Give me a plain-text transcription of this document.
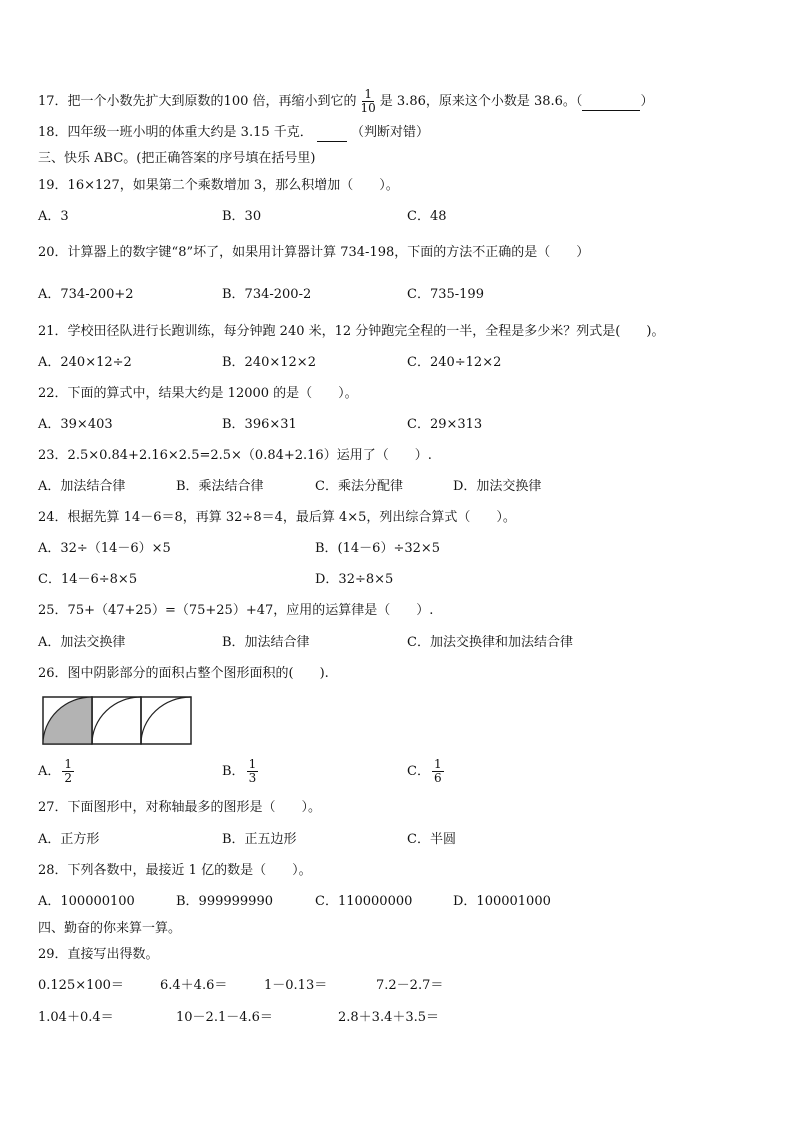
17．把一个小数先扩大到原数的100 倍，再缩小到它的 $\frac{1}{10}$ 是 3.86，原来这个小数是 38.6。（	）
18．四年级一班小明的体重大约是 3.15 千克．	（判断对错）
三、快乐 ABC。(把正确答案的序号填在括号里)
19．16×127，如果第二个乘数增加 3，那么积增加（　　）。
A．3	B．30	C．48
20．计算器上的数字键“8”坏了，如果用计算器计算 734-198，下面的方法不正确的是（　　）
A．734-200+2	B．734-200-2	C．735-199
21．学校田径队进行长跑训练，每分钟跑 240 米，12 分钟跑完全程的一半，全程是多少米？列式是(　　)。
A．240×12÷2	B．240×12×2	C．240÷12×2
22．下面的算式中，结果大约是 12000 的是（　　）。
A．39×403	B．396×31	C．29×313
23．2.5×0.84+2.16×2.5=2.5×（0.84+2.16）运用了（　　）.
A．加法结合律	B．乘法结合律	C．乘法分配律	D．加法交换律
24．根据先算 14－6＝8，再算 32÷8＝4，最后算 4×5，列出综合算式（　　）。
A．32÷（14－6）×5	B．(14－6）÷32×5
C．14－6÷8×5	D．32÷8×5
25．75+（47+25）=（75+25）+47，应用的运算律是（　　）.
A．加法交换律	B．加法结合律	C．加法交换律和加法结合律
26．图中阴影部分的面积占整个图形面积的(　　).
A． $\frac{1}{2}$	B． $\frac{1}{3}$	C． $\frac{1}{6}$
27．下面图形中，对称轴最多的图形是（　　）。
A．正方形	B．正五边形	C．半圆
28．下列各数中，最接近 1 亿的数是（　　）。
A．100000100	B．999999990	C．110000000	D．100001000
四、勤奋的你来算一算。
29．直接写出得数。
0.125×100＝	6.4＋4.6＝	1－0.13＝	7.2－2.7＝
1.04＋0.4＝	10－2.1－4.6＝	2.8＋3.4＋3.5＝
